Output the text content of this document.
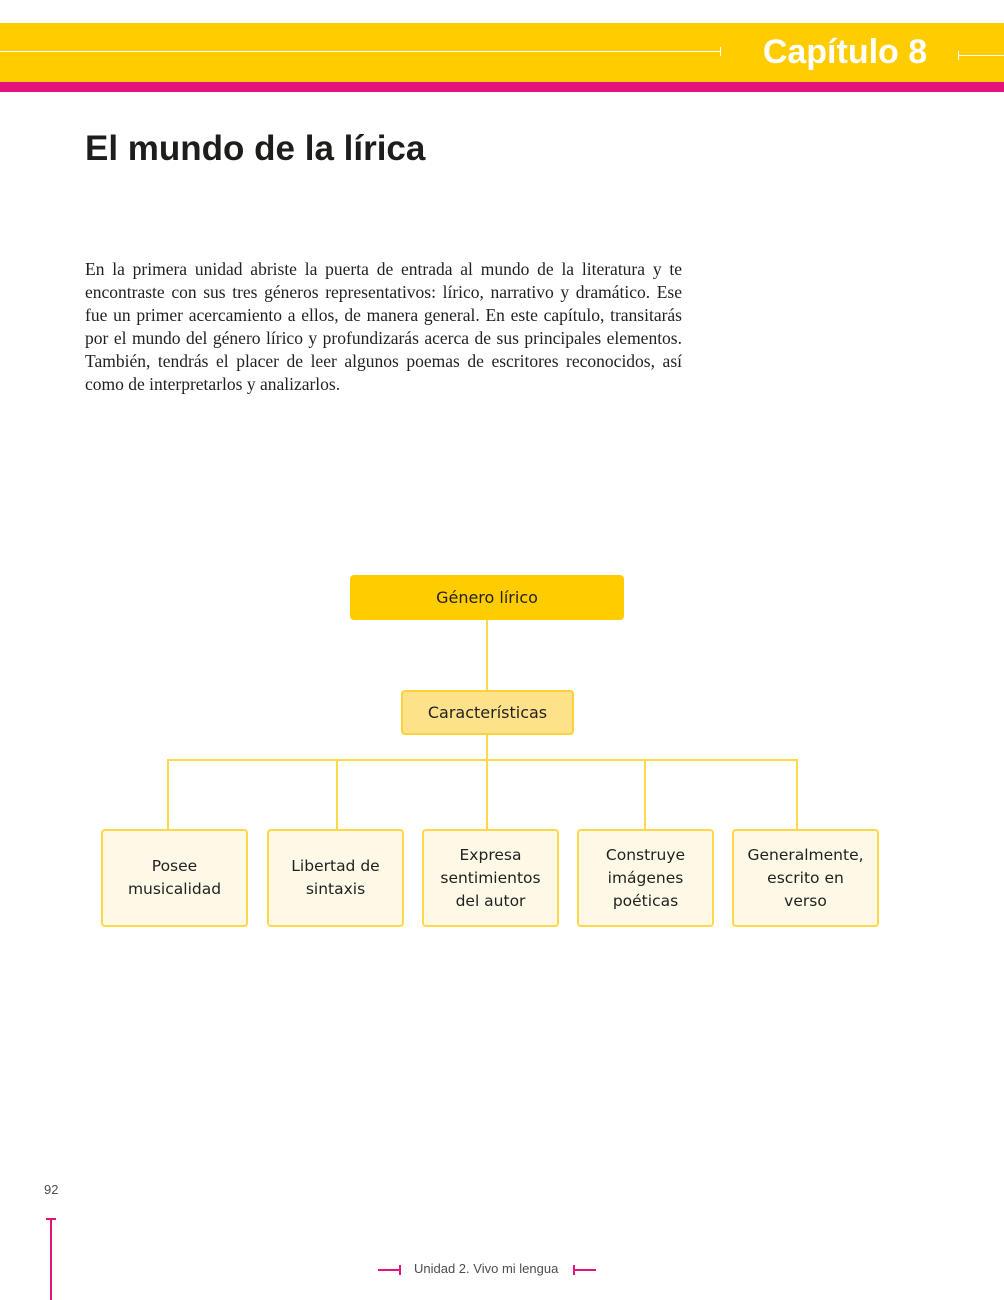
Capítulo 8
El mundo de la lírica

En la primera unidad abriste la puerta de entrada al mundo de la literatura y te encontraste con sus tres géneros representativos: lírico, narrativo y dramático. Ese fue un primer acercamiento a ellos, de manera general. En este capítulo, transitarás por el mundo del género lírico y profundizarás acerca de sus principales elementos. También, tendrás el placer de leer algunos poemas de escritores reconocidos, así como de interpretarlos y analizarlos.

Género lírico
Características
Posee musicalidad
Libertad de sintaxis
Expresa sentimientos del autor
Construye imágenes poéticas
Generalmente, escrito en verso
92
Unidad 2. Vivo mi lengua
